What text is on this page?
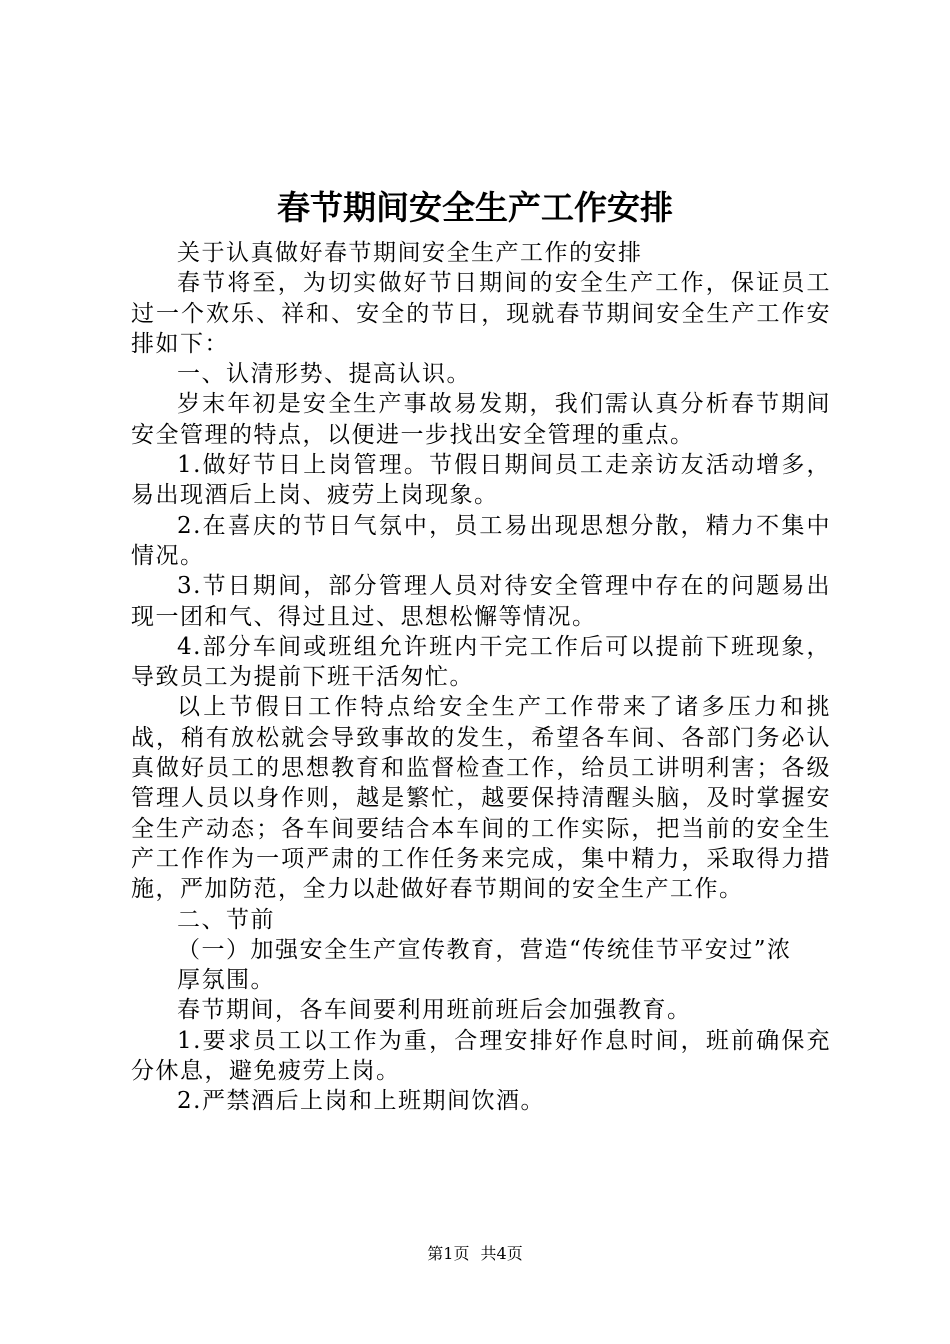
春节期间安全生产工作安排

关于认真做好春节期间安全生产工作的安排

春节将至，为切实做好节日期间的安全生产工作，保证员工过一个欢乐、祥和、安全的节日，现就春节期间安全生产工作安排如下：

一、认清形势、提高认识。

岁末年初是安全生产事故易发期，我们需认真分析春节期间安全管理的特点，以便进一步找出安全管理的重点。

1.做好节日上岗管理。节假日期间员工走亲访友活动增多，易出现酒后上岗、疲劳上岗现象。

2.在喜庆的节日气氛中，员工易出现思想分散，精力不集中情况。

3.节日期间，部分管理人员对待安全管理中存在的问题易出现一团和气、得过且过、思想松懈等情况。

4.部分车间或班组允许班内干完工作后可以提前下班现象，导致员工为提前下班干活匆忙。

以上节假日工作特点给安全生产工作带来了诸多压力和挑战，稍有放松就会导致事故的发生，希望各车间、各部门务必认真做好员工的思想教育和监督检查工作，给员工讲明利害；各级管理人员以身作则，越是繁忙，越要保持清醒头脑，及时掌握安全生产动态；各车间要结合本车间的工作实际，把当前的安全生产工作作为一项严肃的工作任务来完成，集中精力，采取得力措施，严加防范，全力以赴做好春节期间的安全生产工作。

二、节前

（一）加强安全生产宣传教育，营造“传统佳节平安过”浓

厚氛围。

春节期间，各车间要利用班前班后会加强教育。

1.要求员工以工作为重，合理安排好作息时间，班前确保充分休息，避免疲劳上岗。

2.严禁酒后上岗和上班期间饮酒。

第1页 共4页
